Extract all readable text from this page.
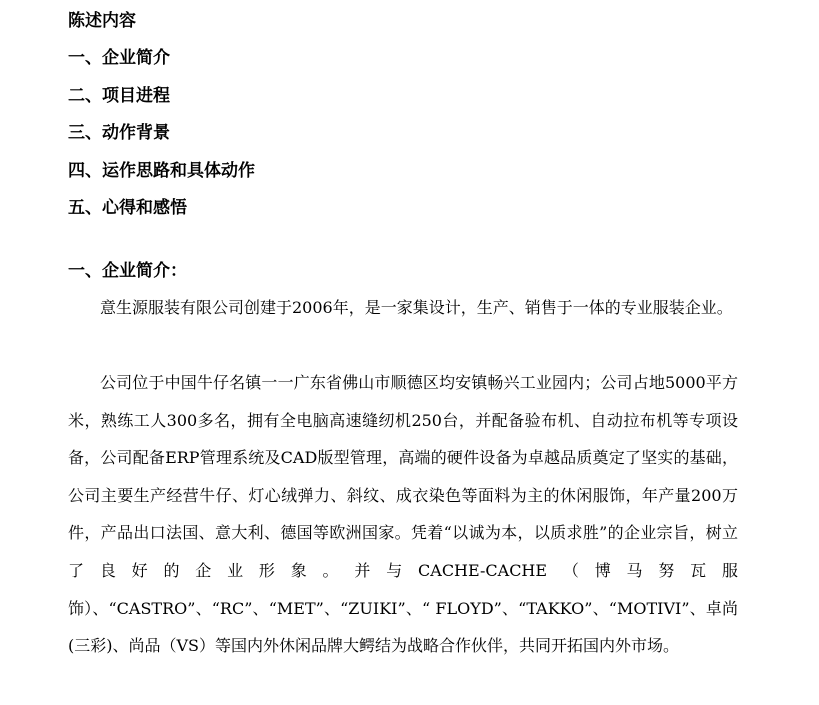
陈述内容
一、企业简介
二、项目进程
三、动作背景
四、运作思路和具体动作
五、心得和感悟
一、企业简介：

意生源服装有限公司创建于2006年，是一家集设计，生产、销售于一体的专业服装企业。

公司位于中国牛仔名镇一一广东省佛山市顺德区均安镇畅兴工业园内；公司占地5000平方米，熟练工人300多名，拥有全电脑高速缝纫机250台，并配备验布机、自动拉布机等专项设备，公司配备ERP管理系统及CAD版型管理，高端的硬件设备为卓越品质奠定了坚实的基础，公司主要生产经营牛仔、灯心绒弹力、斜纹、成衣染色等面料为主的休闲服饰，年产量200万件，产品出口法国、意大利、德国等欧洲国家。凭着“以诚为本，以质求胜”的企业宗旨，树立了良好的企业形象。并与CACHE-CACHE（博马努瓦服饰）、“CASTRO”、“RC”、“MET”、“ZUIKI”、“ FLOYD”、“TAKKO”、“MOTIVI”、卓尚(三彩)、尚品（VS）等国内外休闲品牌大鳄结为战略合作伙伴，共同开拓国内外市场。
